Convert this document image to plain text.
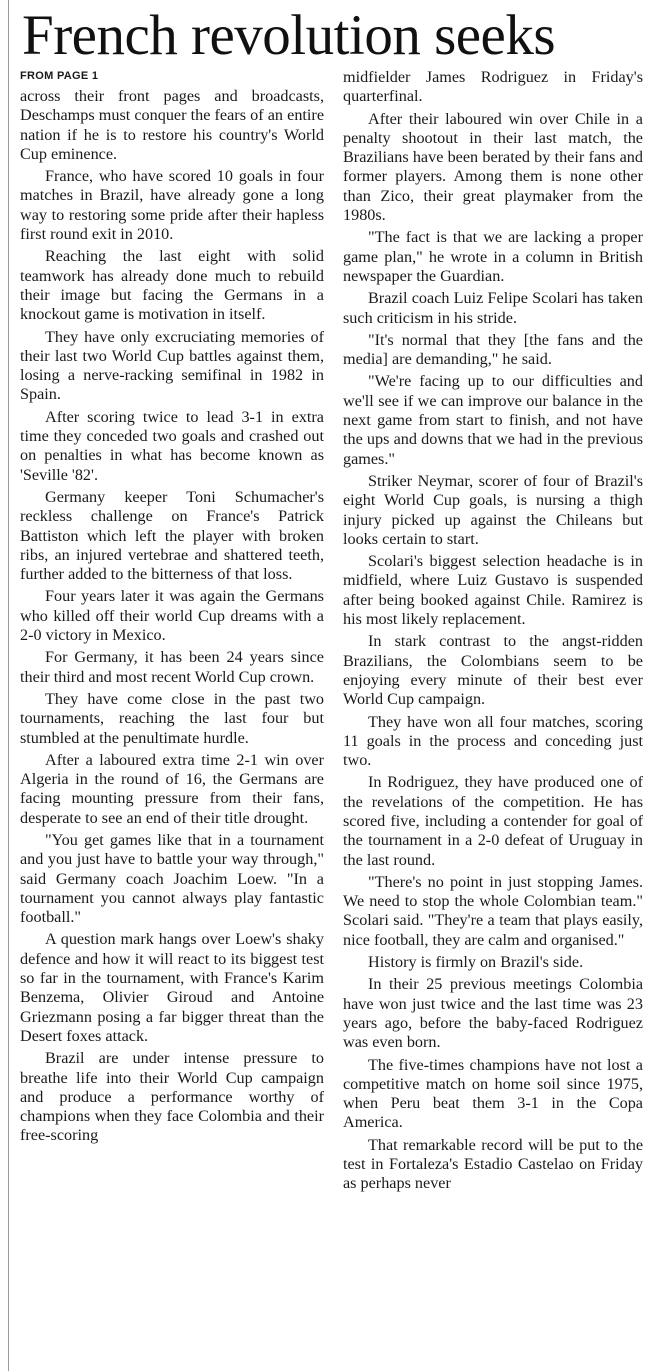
French revolution seeks
FROM PAGE 1

across their front pages and broadcasts, Deschamps must conquer the fears of an entire nation if he is to restore his country's World Cup eminence.

France, who have scored 10 goals in four matches in Brazil, have already gone a long way to restoring some pride after their hapless first round exit in 2010.

Reaching the last eight with solid teamwork has already done much to rebuild their image but facing the Germans in a knockout game is motivation in itself.

They have only excruciating memories of their last two World Cup battles against them, losing a nerve-racking semifinal in 1982 in Spain.

After scoring twice to lead 3-1 in extra time they conceded two goals and crashed out on penalties in what has become known as 'Seville '82'.

Germany keeper Toni Schumacher's reckless challenge on France's Patrick Battiston which left the player with broken ribs, an injured vertebrae and shattered teeth, further added to the bitterness of that loss.

Four years later it was again the Germans who killed off their world Cup dreams with a 2-0 victory in Mexico.

For Germany, it has been 24 years since their third and most recent World Cup crown.

They have come close in the past two tournaments, reaching the last four but stumbled at the penultimate hurdle.

After a laboured extra time 2-1 win over Algeria in the round of 16, the Germans are facing mounting pressure from their fans, desperate to see an end of their title drought.

"You get games like that in a tournament and you just have to battle your way through," said Germany coach Joachim Loew. "In a tournament you cannot always play fantastic football."

A question mark hangs over Loew's shaky defence and how it will react to its biggest test so far in the tournament, with France's Karim Benzema, Olivier Giroud and Antoine Griezmann posing a far bigger threat than the Desert foxes attack.

Brazil are under intense pressure to breathe life into their World Cup campaign and produce a performance worthy of champions when they face Colombia and their free-scoring

midfielder James Rodriguez in Friday's quarterfinal.

After their laboured win over Chile in a penalty shootout in their last match, the Brazilians have been berated by their fans and former players. Among them is none other than Zico, their great playmaker from the 1980s.

"The fact is that we are lacking a proper game plan," he wrote in a column in British newspaper the Guardian.

Brazil coach Luiz Felipe Scolari has taken such criticism in his stride.

"It's normal that they [the fans and the media] are demanding," he said.

"We're facing up to our difficulties and we'll see if we can improve our balance in the next game from start to finish, and not have the ups and downs that we had in the previous games."

Striker Neymar, scorer of four of Brazil's eight World Cup goals, is nursing a thigh injury picked up against the Chileans but looks certain to start.

Scolari's biggest selection headache is in midfield, where Luiz Gustavo is suspended after being booked against Chile. Ramirez is his most likely replacement.

In stark contrast to the angst-ridden Brazilians, the Colombians seem to be enjoying every minute of their best ever World Cup campaign.

They have won all four matches, scoring 11 goals in the process and conceding just two.

In Rodriguez, they have produced one of the revelations of the competition. He has scored five, including a contender for goal of the tournament in a 2-0 defeat of Uruguay in the last round.

"There's no point in just stopping James. We need to stop the whole Colombian team." Scolari said. "They're a team that plays easily, nice football, they are calm and organised."

History is firmly on Brazil's side.

In their 25 previous meetings Colombia have won just twice and the last time was 23 years ago, before the baby-faced Rodriguez was even born.

The five-times champions have not lost a competitive match on home soil since 1975, when Peru beat them 3-1 in the Copa America.

That remarkable record will be put to the test in Fortaleza's Estadio Castelao on Friday as perhaps never
